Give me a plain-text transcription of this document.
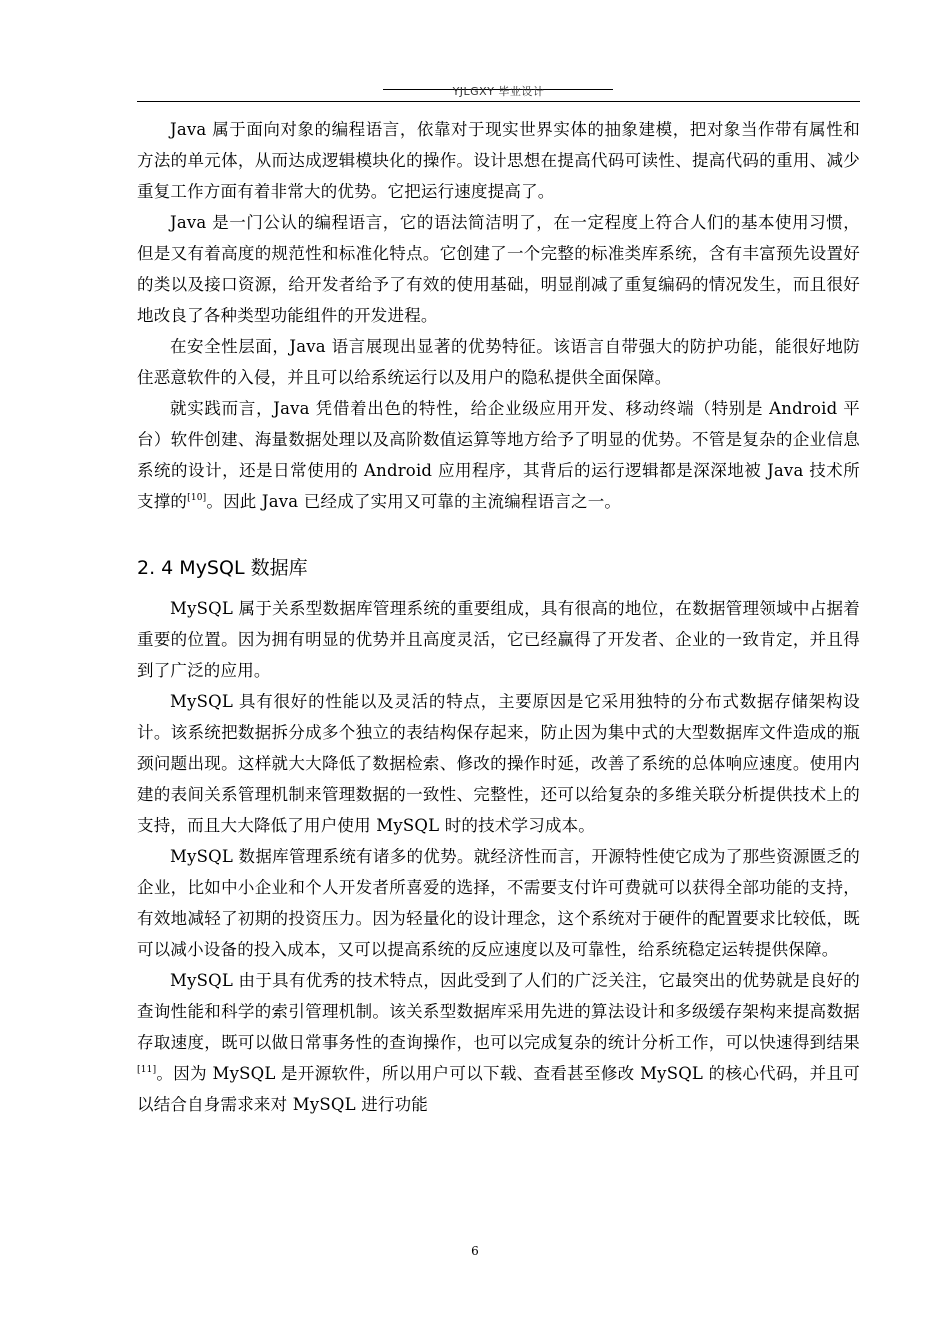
YJLGXY 毕业设计

Java 属于面向对象的编程语言，依靠对于现实世界实体的抽象建模，把对象当作带有属性和方法的单元体，从而达成逻辑模块化的操作。设计思想在提高代码可读性、提高代码的重用、减少重复工作方面有着非常大的优势。它把运行速度提高了。

Java 是一门公认的编程语言，它的语法简洁明了，在一定程度上符合人们的基本使用习惯，但是又有着高度的规范性和标准化特点。它创建了一个完整的标准类库系统，含有丰富预先设置好的类以及接口资源，给开发者给予了有效的使用基础，明显削减了重复编码的情况发生，而且很好地改良了各种类型功能组件的开发进程。

在安全性层面，Java 语言展现出显著的优势特征。该语言自带强大的防护功能，能很好地防住恶意软件的入侵，并且可以给系统运行以及用户的隐私提供全面保障。

就实践而言，Java 凭借着出色的特性，给企业级应用开发、移动终端（特别是 Android 平台）软件创建、海量数据处理以及高阶数值运算等地方给予了明显的优势。不管是复杂的企业信息系统的设计，还是日常使用的 Android 应用程序，其背后的运行逻辑都是深深地被 Java 技术所支撑的[10]。因此 Java 已经成了实用又可靠的主流编程语言之一。

2. 4 MySQL 数据库

MySQL 属于关系型数据库管理系统的重要组成，具有很高的地位，在数据管理领域中占据着重要的位置。因为拥有明显的优势并且高度灵活，它已经赢得了开发者、企业的一致肯定，并且得到了广泛的应用。

MySQL 具有很好的性能以及灵活的特点，主要原因是它采用独特的分布式数据存储架构设计。该系统把数据拆分成多个独立的表结构保存起来，防止因为集中式的大型数据库文件造成的瓶颈问题出现。这样就大大降低了数据检索、修改的操作时延，改善了系统的总体响应速度。使用内建的表间关系管理机制来管理数据的一致性、完整性，还可以给复杂的多维关联分析提供技术上的支持，而且大大降低了用户使用 MySQL 时的技术学习成本。

MySQL 数据库管理系统有诸多的优势。就经济性而言，开源特性使它成为了那些资源匮乏的企业，比如中小企业和个人开发者所喜爱的选择，不需要支付许可费就可以获得全部功能的支持，有效地减轻了初期的投资压力。因为轻量化的设计理念，这个系统对于硬件的配置要求比较低，既可以减小设备的投入成本，又可以提高系统的反应速度以及可靠性，给系统稳定运转提供保障。

MySQL 由于具有优秀的技术特点，因此受到了人们的广泛关注，它最突出的优势就是良好的查询性能和科学的索引管理机制。该关系型数据库采用先进的算法设计和多级缓存架构来提高数据存取速度，既可以做日常事务性的查询操作，也可以完成复杂的统计分析工作，可以快速得到结果[11]。因为 MySQL 是开源软件，所以用户可以下载、查看甚至修改 MySQL 的核心代码，并且可以结合自身需求来对 MySQL 进行功能

6
